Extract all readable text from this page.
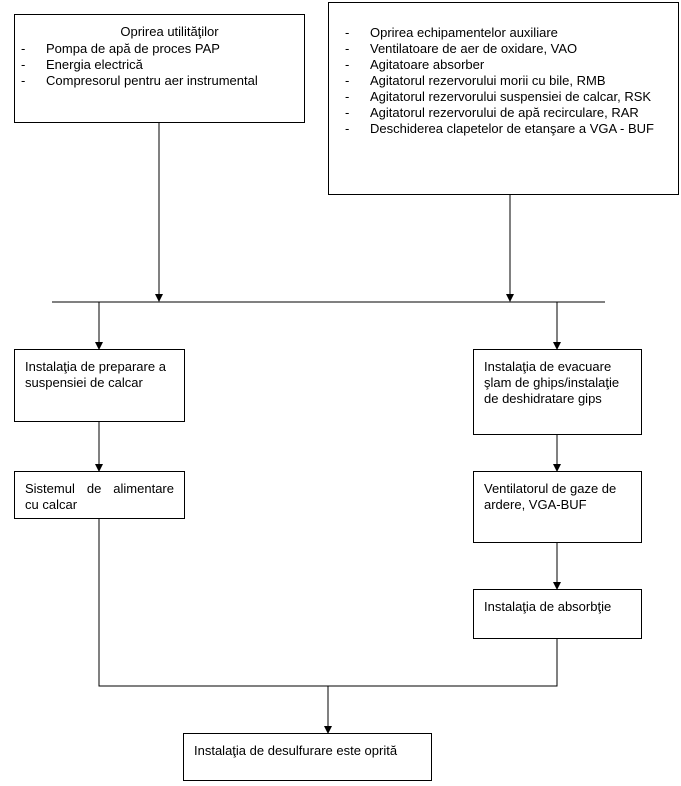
Oprirea utilităţilor
- Pompa de apă de proces PAP
- Energia electrică
- Compresorul pentru aer instrumental
- Oprirea echipamentelor auxiliare
- Ventilatoare de aer de oxidare, VAO
- Agitatoare absorber
- Agitatorul rezervorului morii cu bile, RMB
- Agitatorul rezervorului suspensiei de calcar, RSK
- Agitatorul rezervorului de apă recirculare, RAR
- Deschiderea clapetelor de etanşare a VGA - BUF
Instalaţia de preparare a suspensiei de calcar
Sistemul de alimentare cu calcar
Instalaţia de evacuare şlam de ghips/instalaţie de deshidratare gips
Ventilatorul de gaze de ardere, VGA-BUF
Instalaţia de absorbţie
Instalaţia de desulfurare este oprită
